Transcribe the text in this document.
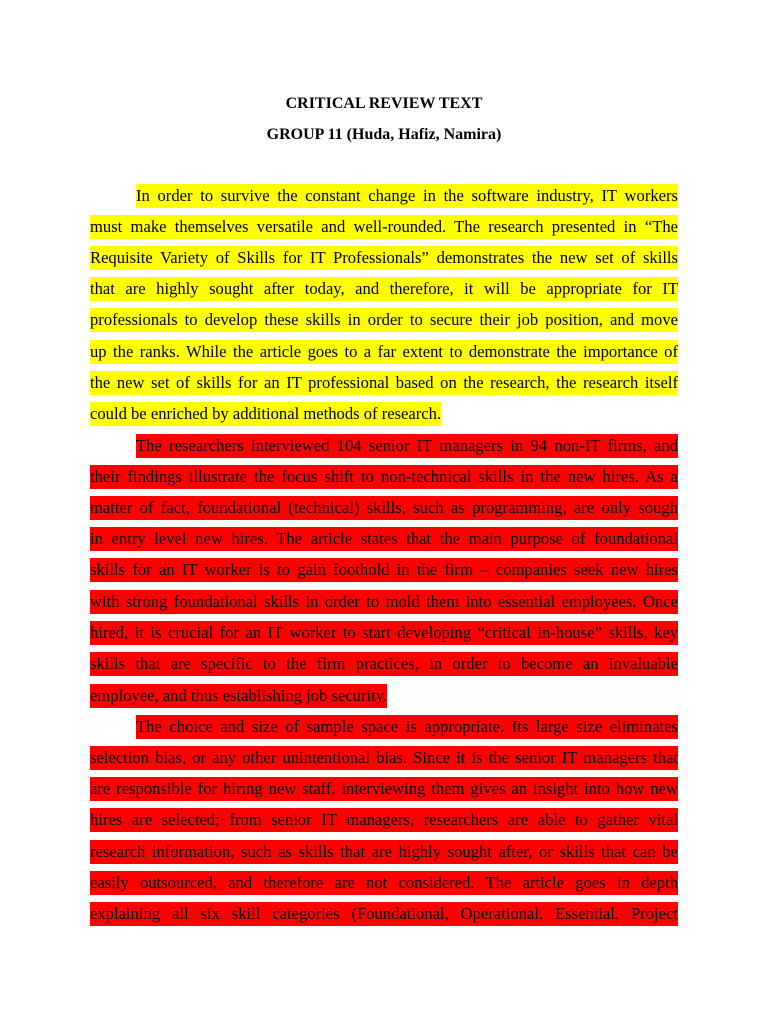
CRITICAL REVIEW TEXT
GROUP 11 (Huda, Hafiz, Namira)
In order to survive the constant change in the software industry, IT workers
must make themselves versatile and well-rounded. The research presented in “The
Requisite Variety of Skills for IT Professionals” demonstrates the new set of skills
that are highly sought after today, and therefore, it will be appropriate for IT
professionals to develop these skills in order to secure their job position, and move
up the ranks. While the article goes to a far extent to demonstrate the importance of
the new set of skills for an IT professional based on the research, the research itself
could be enriched by additional methods of research.
The researchers interviewed 104 senior IT managers in 94 non-IT firms, and
their findings illustrate the focus shift to non-technical skills in the new hires. As a
matter of fact, foundational (technical) skills, such as programming, are only sough
in entry level new hires. The article states that the main purpose of foundational
skills for an IT worker is to gain foothold in the firm – companies seek new hires
with strong foundational skills in order to mold them into essential employees. Once
hired, it is crucial for an IT worker to start developing “critical in-house” skills, key
skills that are specific to the firm practices, in order to become an invaluable
employee, and thus establishing job security.
The choice and size of sample space is appropriate. Its large size eliminates
selection bias, or any other unintentional bias. Since it is the senior IT managers that
are responsible for hiring new staff, interviewing them gives an insight into how new
hires are selected; from senior IT managers, researchers are able to gather vital
research information, such as skills that are highly sought after, or skills that can be
easily outsourced, and therefore are not considered. The article goes in depth
explaining all six skill categories (Foundational, Operational, Essential, Project
